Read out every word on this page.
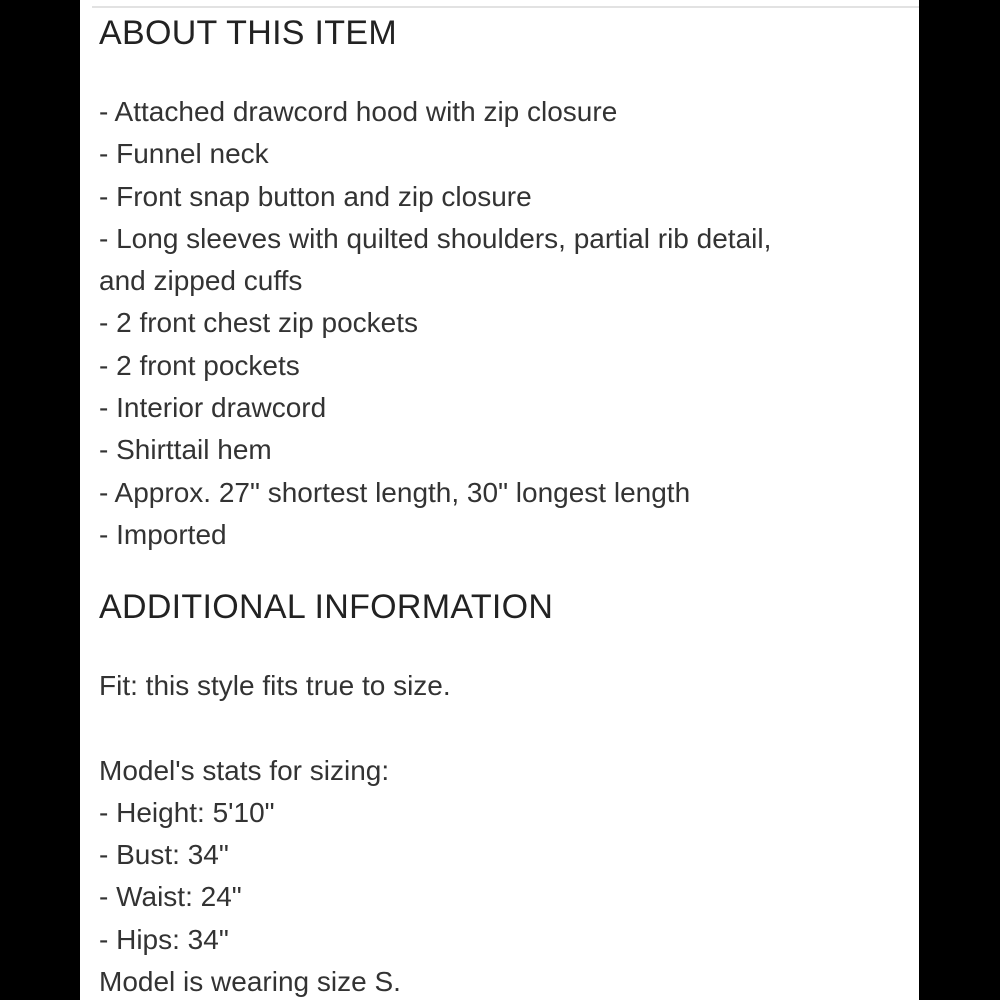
ABOUT THIS ITEM
- Attached drawcord hood with zip closure
- Funnel neck
- Front snap button and zip closure
- Long sleeves with quilted shoulders, partial rib detail,
and zipped cuffs
- 2 front chest zip pockets
- 2 front pockets
- Interior drawcord
- Shirttail hem
- Approx. 27" shortest length, 30" longest length
- Imported
ADDITIONAL INFORMATION

Fit: this style fits true to size.

Model's stats for sizing:

- Height: 5'10"
- Bust: 34"
- Waist: 24"
- Hips: 34"

Model is wearing size S.
